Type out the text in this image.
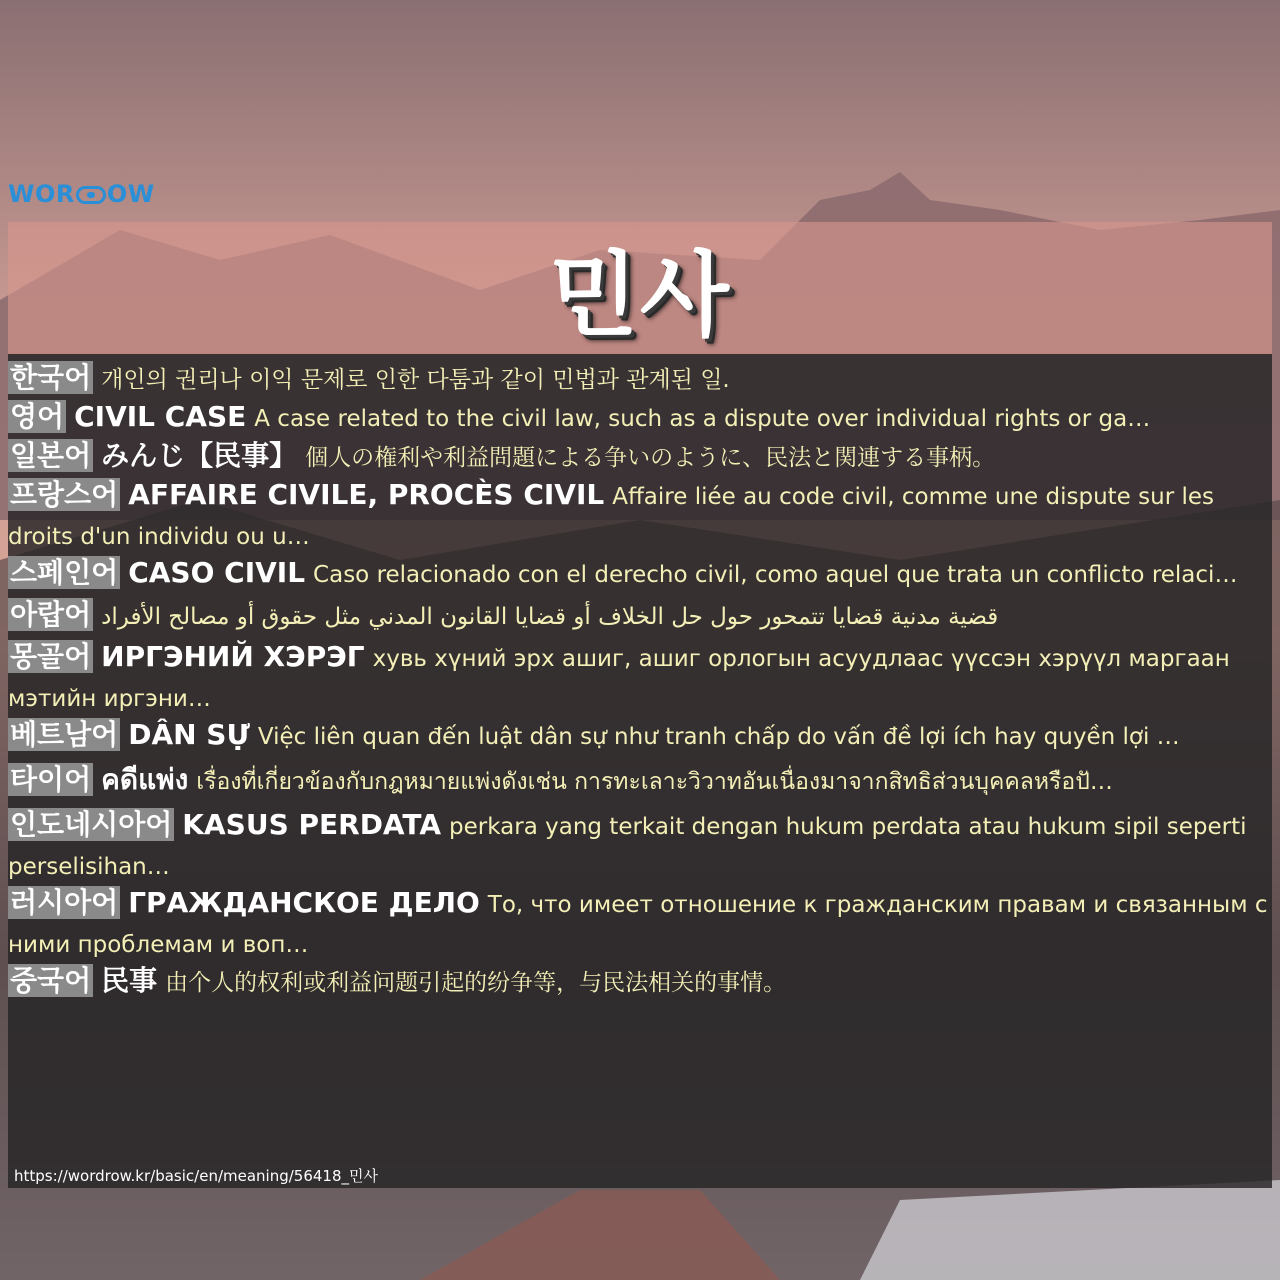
WOR OW
민사
한국어 개인의 권리나 이익 문제로 인한 다툼과 같이 민법과 관계된 일.
영어 CIVIL CASE A case related to the civil law, such as a dispute over individual rights or ga…
일본어 みんじ【民事】 個人の権利や利益問題による争いのように、民法と関連する事柄。
프랑스어 AFFAIRE CIVILE, PROCÈS CIVIL Affaire liée au code civil, comme une dispute sur les droits d'un individu ou u…
스페인어 CASO CIVIL Caso relacionado con el derecho civil, como aquel que trata un conflicto relaci…
아랍어 قضية مدنية قضايا تتمحور حول حل الخلاف أو قضايا القانون المدني مثل حقوق أو مصالح الأفراد
몽골어 ИРГЭНИЙ ХЭРЭГ хувь хүний эрх ашиг, ашиг орлогын асуудлаас үүссэн хэрүүл маргаан мэтийн иргэни…
베트남어 DÂN SỰ Việc liên quan đến luật dân sự như tranh chấp do vấn đề lợi ích hay quyền lợi …
타이어 คดีแพ่ง เรื่องที่เกี่ยวข้องกับกฎหมายแพ่งดังเช่น การทะเลาะวิวาทอันเนื่องมาจากสิทธิส่วนบุคคลหรือปั…
인도네시아어 KASUS PERDATA perkara yang terkait dengan hukum perdata atau hukum sipil seperti perselisihan…
러시아어 ГРАЖДАНСКОЕ ДЕЛО То, что имеет отношение к гражданским правам и связанным с ними проблемам и воп…
중국어 民事 由个人的权利或利益问题引起的纷争等，与民法相关的事情。
https://wordrow.kr/basic/en/meaning/56418_민사
